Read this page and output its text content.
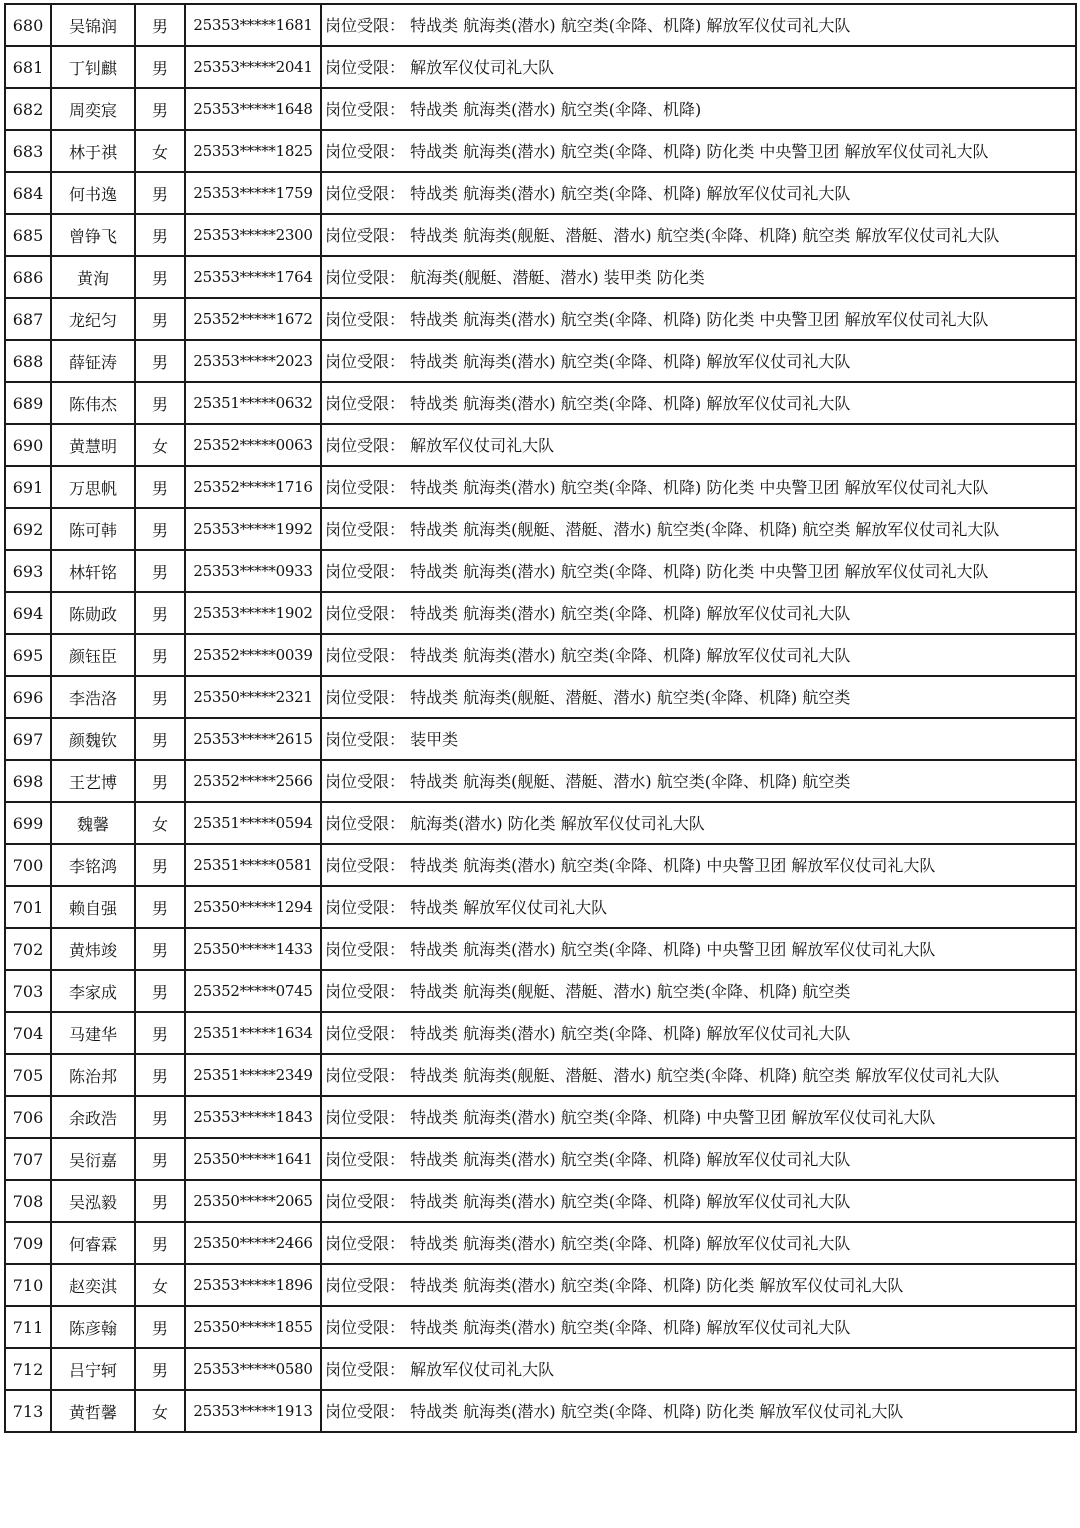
680	吴锦润	男	25353*****1681	岗位受限： 特战类 航海类(潜水) 航空类(伞降、机降) 解放军仪仗司礼大队
681	丁钊麒	男	25353*****2041	岗位受限： 解放军仪仗司礼大队
682	周奕宸	男	25353*****1648	岗位受限： 特战类 航海类(潜水) 航空类(伞降、机降)
683	林于祺	女	25353*****1825	岗位受限： 特战类 航海类(潜水) 航空类(伞降、机降) 防化类 中央警卫团 解放军仪仗司礼大队
684	何书逸	男	25353*****1759	岗位受限： 特战类 航海类(潜水) 航空类(伞降、机降) 解放军仪仗司礼大队
685	曾铮飞	男	25353*****2300	岗位受限： 特战类 航海类(舰艇、潜艇、潜水) 航空类(伞降、机降) 航空类 解放军仪仗司礼大队
686	黄洵	男	25353*****1764	岗位受限： 航海类(舰艇、潜艇、潜水) 装甲类 防化类
687	龙纪匀	男	25352*****1672	岗位受限： 特战类 航海类(潜水) 航空类(伞降、机降) 防化类 中央警卫团 解放军仪仗司礼大队
688	薛钲涛	男	25353*****2023	岗位受限： 特战类 航海类(潜水) 航空类(伞降、机降) 解放军仪仗司礼大队
689	陈伟杰	男	25351*****0632	岗位受限： 特战类 航海类(潜水) 航空类(伞降、机降) 解放军仪仗司礼大队
690	黄慧明	女	25352*****0063	岗位受限： 解放军仪仗司礼大队
691	万思帆	男	25352*****1716	岗位受限： 特战类 航海类(潜水) 航空类(伞降、机降) 防化类 中央警卫团 解放军仪仗司礼大队
692	陈可韩	男	25353*****1992	岗位受限： 特战类 航海类(舰艇、潜艇、潜水) 航空类(伞降、机降) 航空类 解放军仪仗司礼大队
693	林轩铭	男	25353*****0933	岗位受限： 特战类 航海类(潜水) 航空类(伞降、机降) 防化类 中央警卫团 解放军仪仗司礼大队
694	陈勋政	男	25353*****1902	岗位受限： 特战类 航海类(潜水) 航空类(伞降、机降) 解放军仪仗司礼大队
695	颜钰臣	男	25352*****0039	岗位受限： 特战类 航海类(潜水) 航空类(伞降、机降) 解放军仪仗司礼大队
696	李浩洛	男	25350*****2321	岗位受限： 特战类 航海类(舰艇、潜艇、潜水) 航空类(伞降、机降) 航空类
697	颜魏钦	男	25353*****2615	岗位受限： 装甲类
698	王艺博	男	25352*****2566	岗位受限： 特战类 航海类(舰艇、潜艇、潜水) 航空类(伞降、机降) 航空类
699	魏馨	女	25351*****0594	岗位受限： 航海类(潜水) 防化类 解放军仪仗司礼大队
700	李铭鸿	男	25351*****0581	岗位受限： 特战类 航海类(潜水) 航空类(伞降、机降) 中央警卫团 解放军仪仗司礼大队
701	赖自强	男	25350*****1294	岗位受限： 特战类 解放军仪仗司礼大队
702	黄炜竣	男	25350*****1433	岗位受限： 特战类 航海类(潜水) 航空类(伞降、机降) 中央警卫团 解放军仪仗司礼大队
703	李家成	男	25352*****0745	岗位受限： 特战类 航海类(舰艇、潜艇、潜水) 航空类(伞降、机降) 航空类
704	马建华	男	25351*****1634	岗位受限： 特战类 航海类(潜水) 航空类(伞降、机降) 解放军仪仗司礼大队
705	陈治邦	男	25351*****2349	岗位受限： 特战类 航海类(舰艇、潜艇、潜水) 航空类(伞降、机降) 航空类 解放军仪仗司礼大队
706	余政浩	男	25353*****1843	岗位受限： 特战类 航海类(潜水) 航空类(伞降、机降) 中央警卫团 解放军仪仗司礼大队
707	吴衍嘉	男	25350*****1641	岗位受限： 特战类 航海类(潜水) 航空类(伞降、机降) 解放军仪仗司礼大队
708	吴泓毅	男	25350*****2065	岗位受限： 特战类 航海类(潜水) 航空类(伞降、机降) 解放军仪仗司礼大队
709	何睿霖	男	25350*****2466	岗位受限： 特战类 航海类(潜水) 航空类(伞降、机降) 解放军仪仗司礼大队
710	赵奕淇	女	25353*****1896	岗位受限： 特战类 航海类(潜水) 航空类(伞降、机降) 防化类 解放军仪仗司礼大队
711	陈彦翰	男	25350*****1855	岗位受限： 特战类 航海类(潜水) 航空类(伞降、机降) 解放军仪仗司礼大队
712	吕宁轲	男	25353*****0580	岗位受限： 解放军仪仗司礼大队
713	黄哲馨	女	25353*****1913	岗位受限： 特战类 航海类(潜水) 航空类(伞降、机降) 防化类 解放军仪仗司礼大队
